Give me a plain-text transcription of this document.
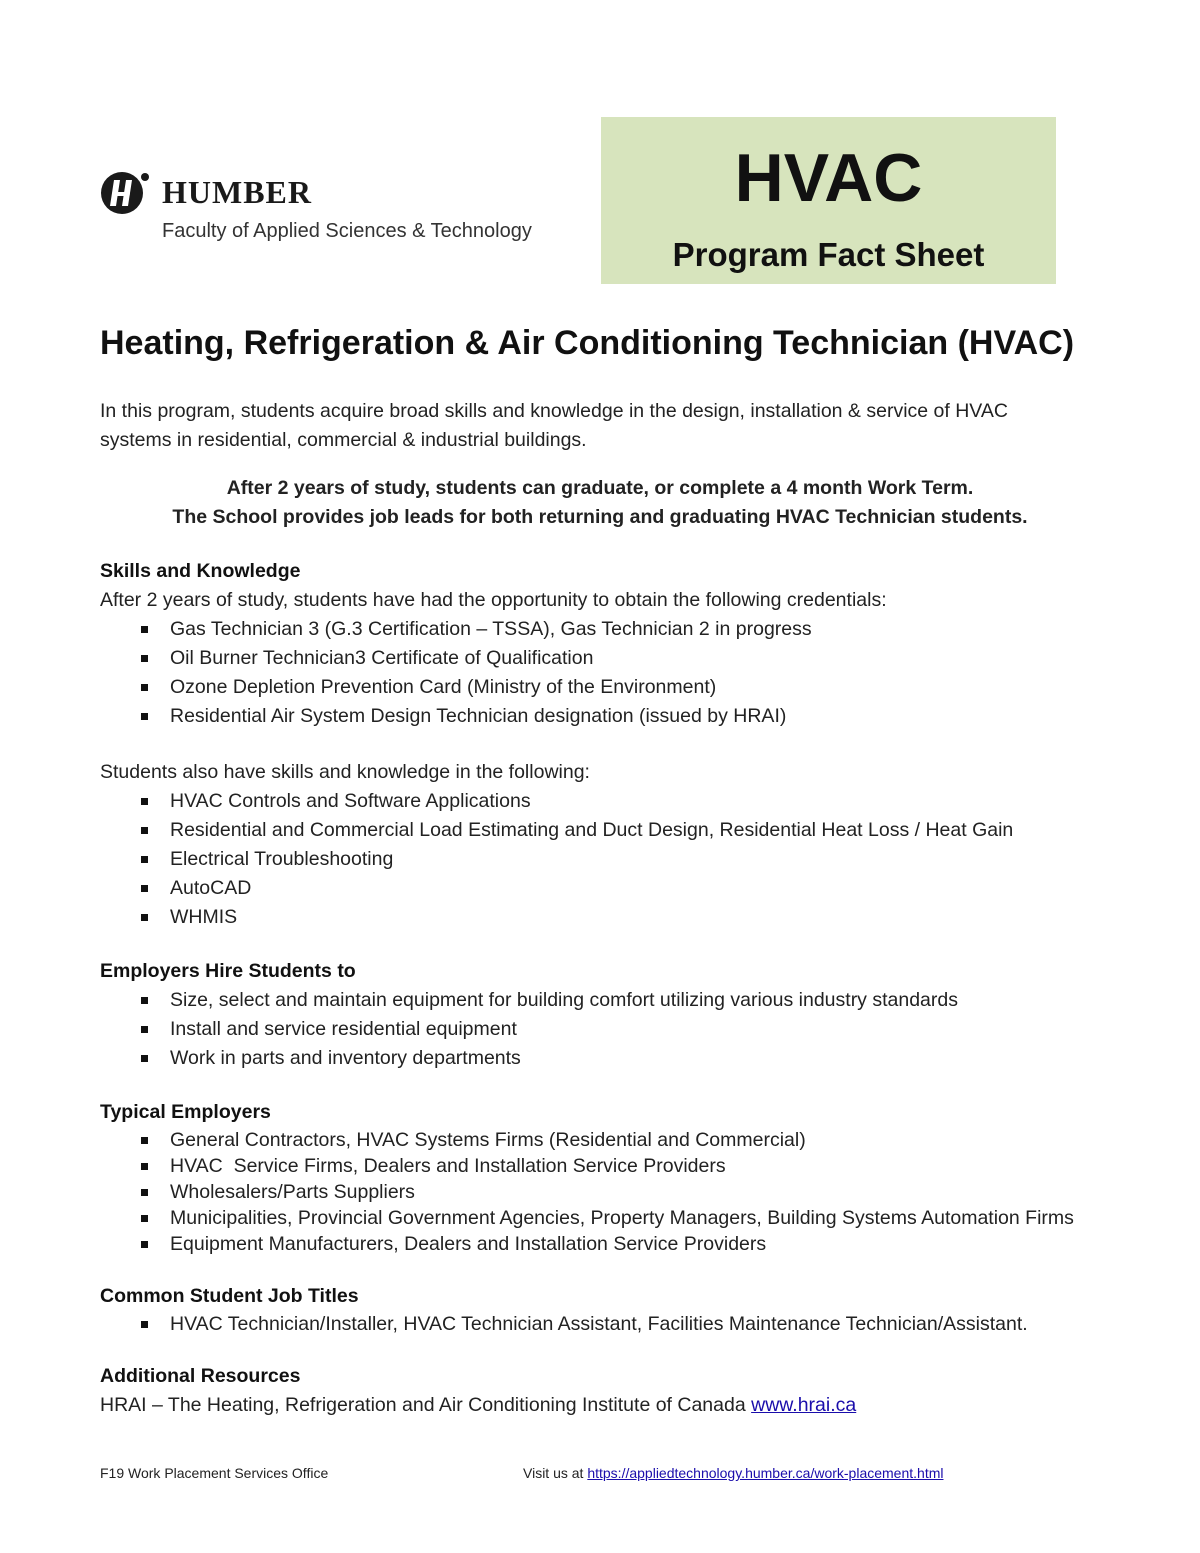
HUMBER
Faculty of Applied Sciences & Technology
HVAC
Program Fact Sheet
Heating, Refrigeration & Air Conditioning Technician (HVAC)

In this program, students acquire broad skills and knowledge in the design, installation & service of HVAC systems in residential, commercial & industrial buildings.

After 2 years of study, students can graduate, or complete a 4 month Work Term.

The School provides job leads for both returning and graduating HVAC Technician students.

Skills and Knowledge

After 2 years of study, students have had the opportunity to obtain the following credentials:

Gas Technician 3 (G.3 Certification – TSSA), Gas Technician 2 in progress
Oil Burner Technician3 Certificate of Qualification
Ozone Depletion Prevention Card (Ministry of the Environment)
Residential Air System Design Technician designation (issued by HRAI)

Students also have skills and knowledge in the following:

HVAC Controls and Software Applications
Residential and Commercial Load Estimating and Duct Design, Residential Heat Loss / Heat Gain
Electrical Troubleshooting
AutoCAD
WHMIS

Employers Hire Students to

Size, select and maintain equipment for building comfort utilizing various industry standards
Install and service residential equipment
Work in parts and inventory departments

Typical Employers

General Contractors, HVAC Systems Firms (Residential and Commercial)
HVAC  Service Firms, Dealers and Installation Service Providers
Wholesalers/Parts Suppliers
Municipalities, Provincial Government Agencies, Property Managers, Building Systems Automation Firms
Equipment Manufacturers, Dealers and Installation Service Providers

Common Student Job Titles

HVAC Technician/Installer, HVAC Technician Assistant, Facilities Maintenance Technician/Assistant.

Additional Resources

HRAI – The Heating, Refrigeration and Air Conditioning Institute of Canada www.hrai.ca

F19 Work Placement Services Office	Visit us at https://appliedtechnology.humber.ca/work-placement.html
